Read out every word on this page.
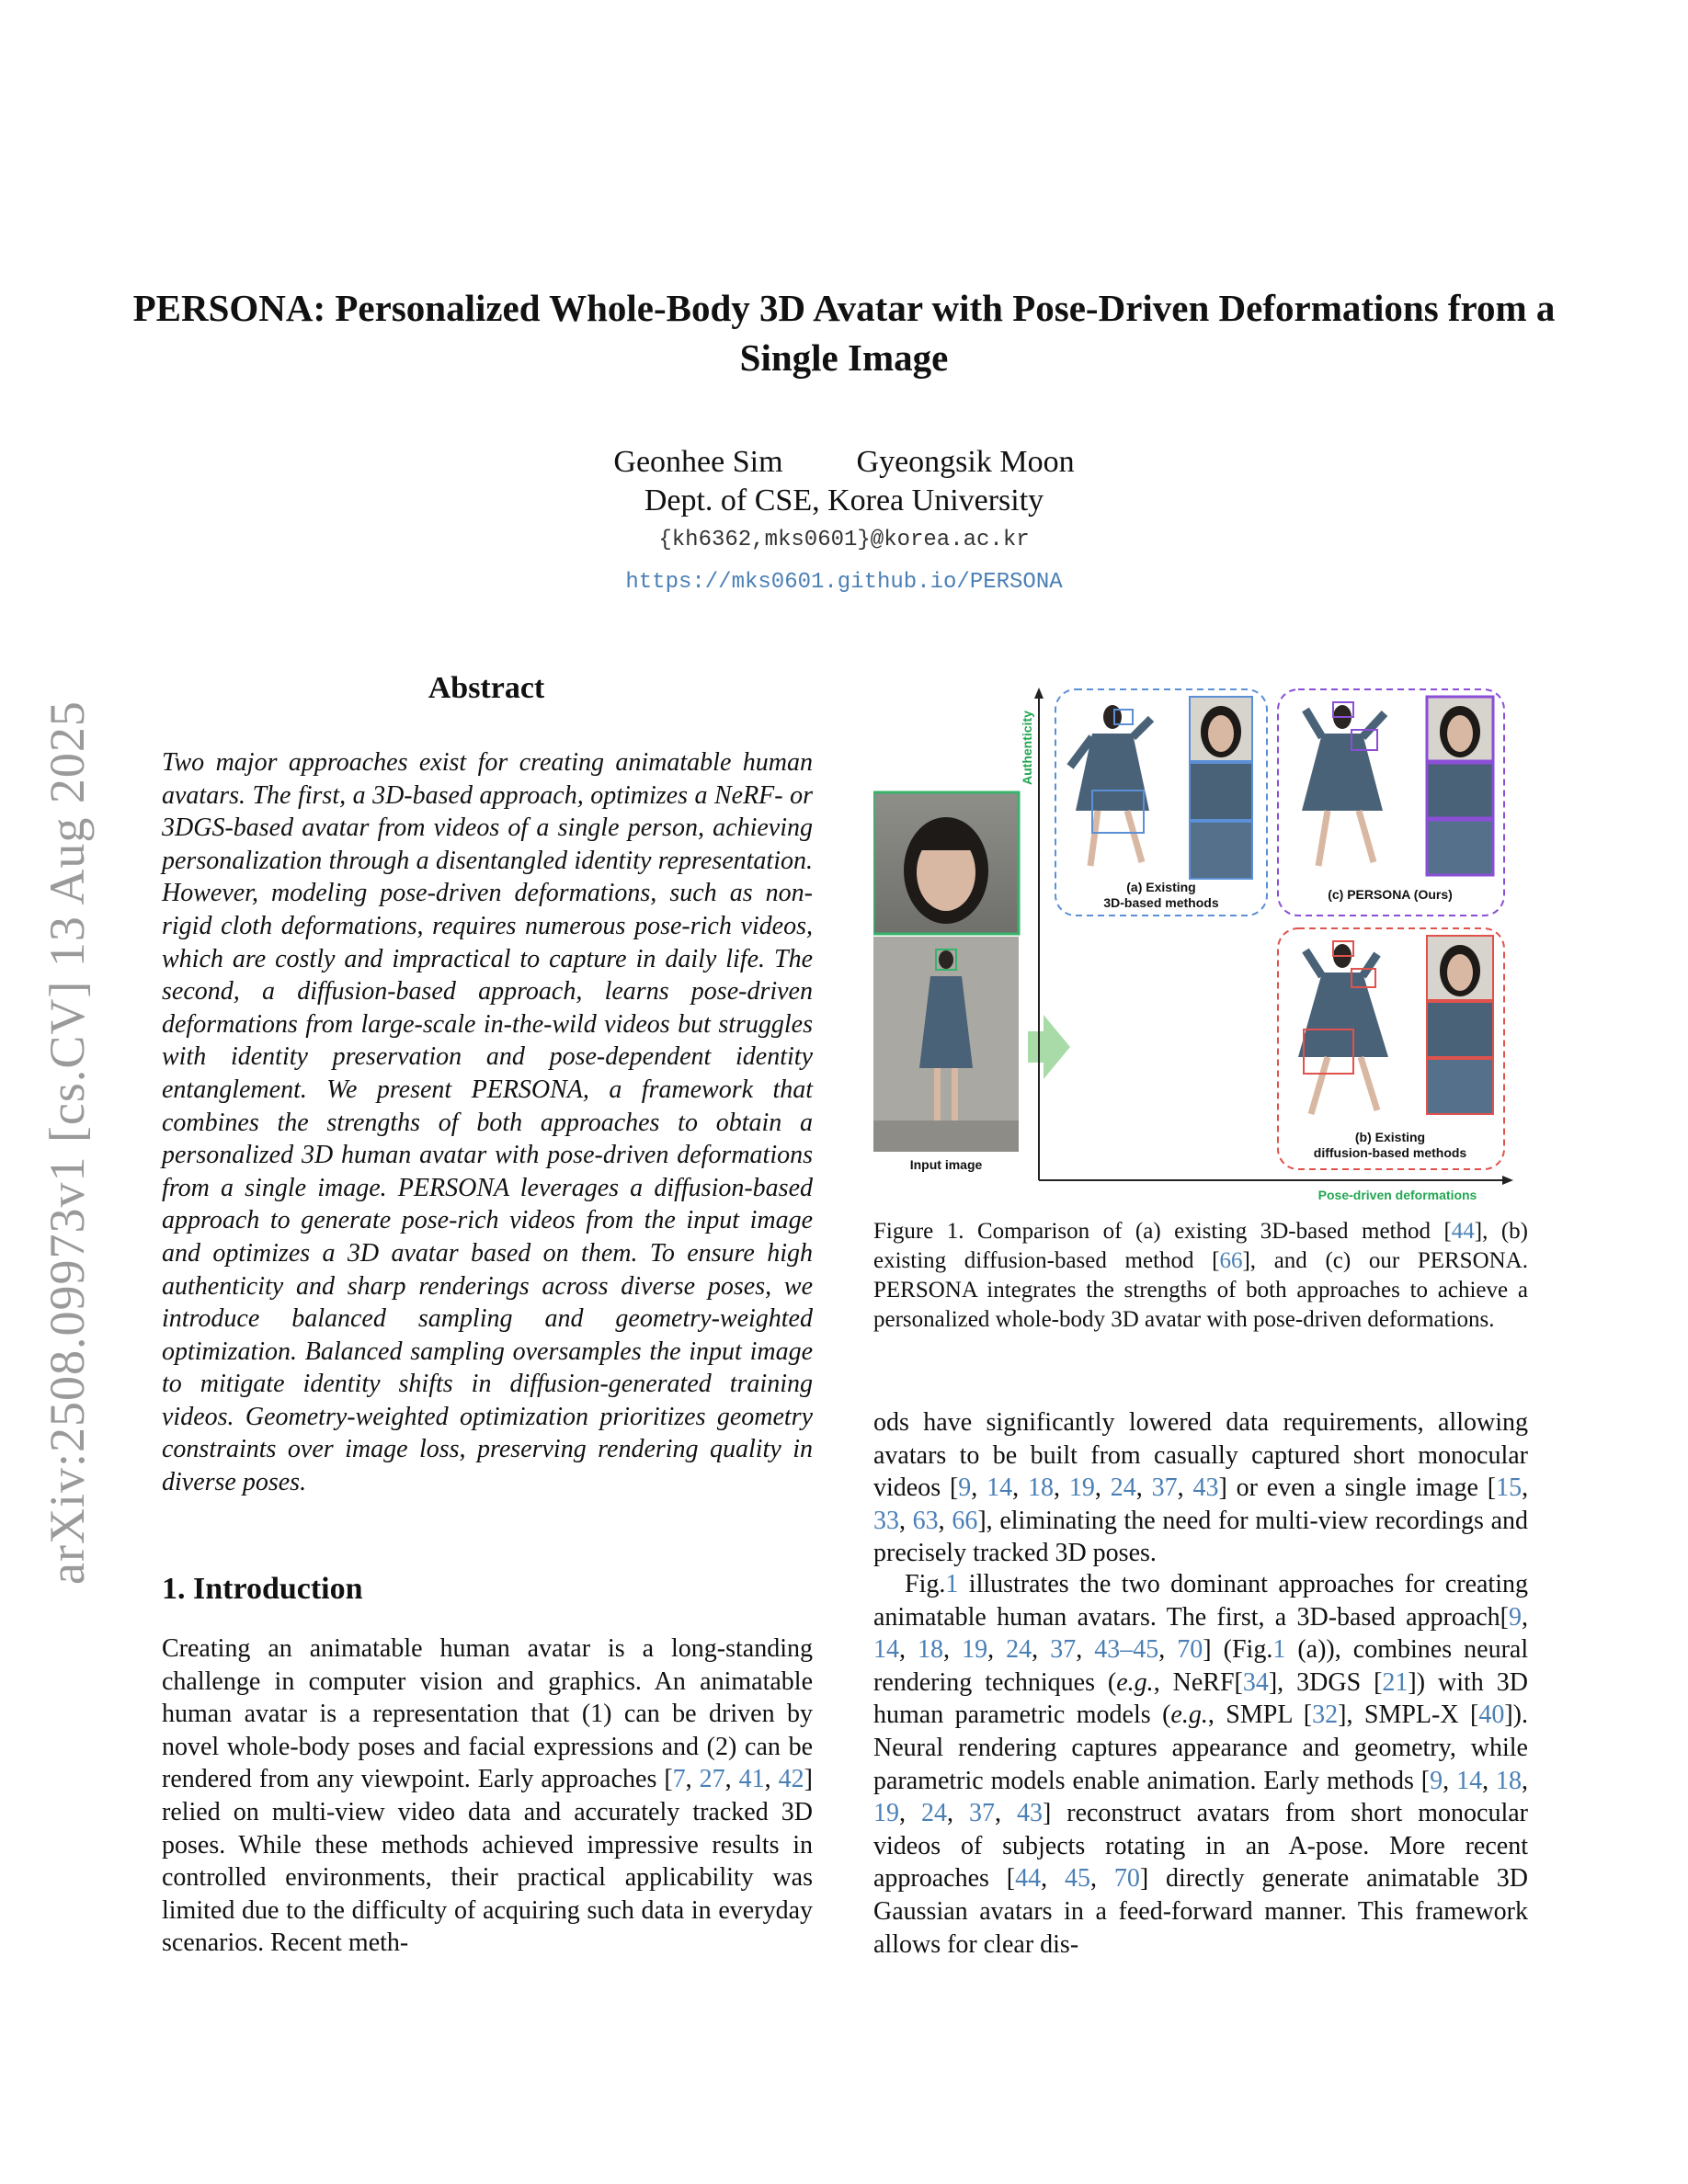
arXiv:2508.09973v1 [cs.CV] 13 Aug 2025
PERSONA: Personalized Whole-Body 3D Avatar with Pose-Driven Deformations from a Single Image
Geonhee Sim Gyeongsik Moon
Dept. of CSE, Korea University
{kh6362,mks0601}@korea.ac.kr
https://mks0601.github.io/PERSONA
Abstract
Two major approaches exist for creating animatable human avatars. The first, a 3D-based approach, optimizes a NeRF- or 3DGS-based avatar from videos of a single person, achieving personalization through a disentangled identity representation. However, modeling pose-driven deformations, such as non-rigid cloth deformations, requires numerous pose-rich videos, which are costly and impractical to capture in daily life. The second, a diffusion-based approach, learns pose-driven deformations from large-scale in-the-wild videos but struggles with identity preservation and pose-dependent identity entanglement. We present PERSONA, a framework that combines the strengths of both approaches to obtain a personalized 3D human avatar with pose-driven deformations from a single image. PERSONA leverages a diffusion-based approach to generate pose-rich videos from the input image and optimizes a 3D avatar based on them. To ensure high authenticity and sharp renderings across diverse poses, we introduce balanced sampling and geometry-weighted optimization. Balanced sampling oversamples the input image to mitigate identity shifts in diffusion-generated training videos. Geometry-weighted optimization prioritizes geometry constraints over image loss, preserving rendering quality in diverse poses.
Input image
Authenticity
Pose-driven deformations
(a) Existing
3D-based methods
(c) PERSONA (Ours)
(b) Existing
diffusion-based methods
Figure 1. Comparison of (a) existing 3D-based method [44], (b) existing diffusion-based method [66], and (c) our PERSONA. PERSONA integrates the strengths of both approaches to achieve a personalized whole-body 3D avatar with pose-driven deformations.
1. Introduction
Creating an animatable human avatar is a long-standing challenge in computer vision and graphics. An animatable human avatar is a representation that (1) can be driven by novel whole-body poses and facial expressions and (2) can be rendered from any viewpoint. Early approaches [7, 27, 41, 42] relied on multi-view video data and accurately tracked 3D poses. While these methods achieved impressive results in controlled environments, their practical applicability was limited due to the difficulty of acquiring such data in everyday scenarios. Recent meth-
ods have significantly lowered data requirements, allowing avatars to be built from casually captured short monocular videos [9, 14, 18, 19, 24, 37, 43] or even a single image [15, 33, 63, 66], eliminating the need for multi-view recordings and precisely tracked 3D poses.
Fig.1 illustrates the two dominant approaches for creating animatable human avatars. The first, a 3D-based approach[9, 14, 18, 19, 24, 37, 43–45, 70] (Fig.1 (a)), combines neural rendering techniques (e.g., NeRF[34], 3DGS [21]) with 3D human parametric models (e.g., SMPL [32], SMPL-X [40]). Neural rendering captures appearance and geometry, while parametric models enable animation. Early methods [9, 14, 18, 19, 24, 37, 43] reconstruct avatars from short monocular videos of subjects rotating in an A-pose. More recent approaches [44, 45, 70] directly generate animatable 3D Gaussian avatars in a feed-forward manner. This framework allows for clear dis-
